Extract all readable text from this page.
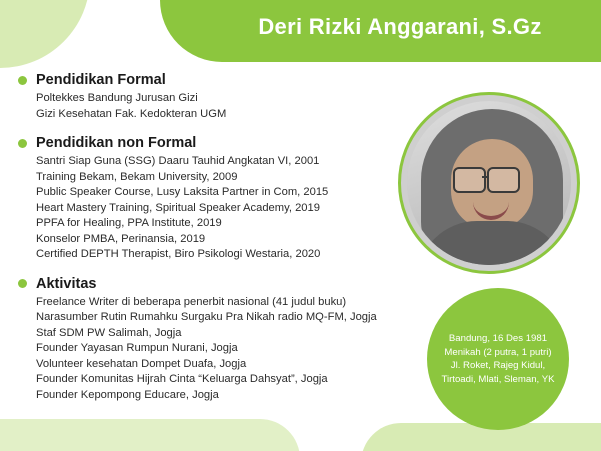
Deri Rizki Anggarani, S.Gz
Pendidikan Formal
Poltekkes Bandung Jurusan Gizi
Gizi Kesehatan Fak. Kedokteran UGM
Pendidikan non Formal
Santri Siap Guna (SSG) Daaru Tauhid Angkatan VI, 2001
Training Bekam, Bekam University, 2009
Public Speaker Course, Lusy Laksita Partner in Com, 2015
Heart Mastery Training, Spiritual Speaker Academy, 2019
PPFA for Healing, PPA Institute, 2019
Konselor PMBA, Perinansia, 2019
Certified DEPTH Therapist, Biro Psikologi Westaria, 2020
Aktivitas
Freelance Writer di beberapa penerbit nasional (41 judul buku)
Narasumber Rutin Rumahku Surgaku Pra Nikah radio MQ-FM, Jogja
Staf SDM PW Salimah, Jogja
Founder Yayasan Rumpun Nurani, Jogja
Volunteer kesehatan Dompet Duafa, Jogja
Founder Komunitas Hijrah Cinta “Keluarga Dahsyat”, Jogja
Founder Kepompong Educare, Jogja
Bandung, 16 Des 1981
Menikah (2 putra, 1 putri)
Jl. Roket, Rajeg Kidul,
Tirtoadi, Mlati, Sleman, YK
